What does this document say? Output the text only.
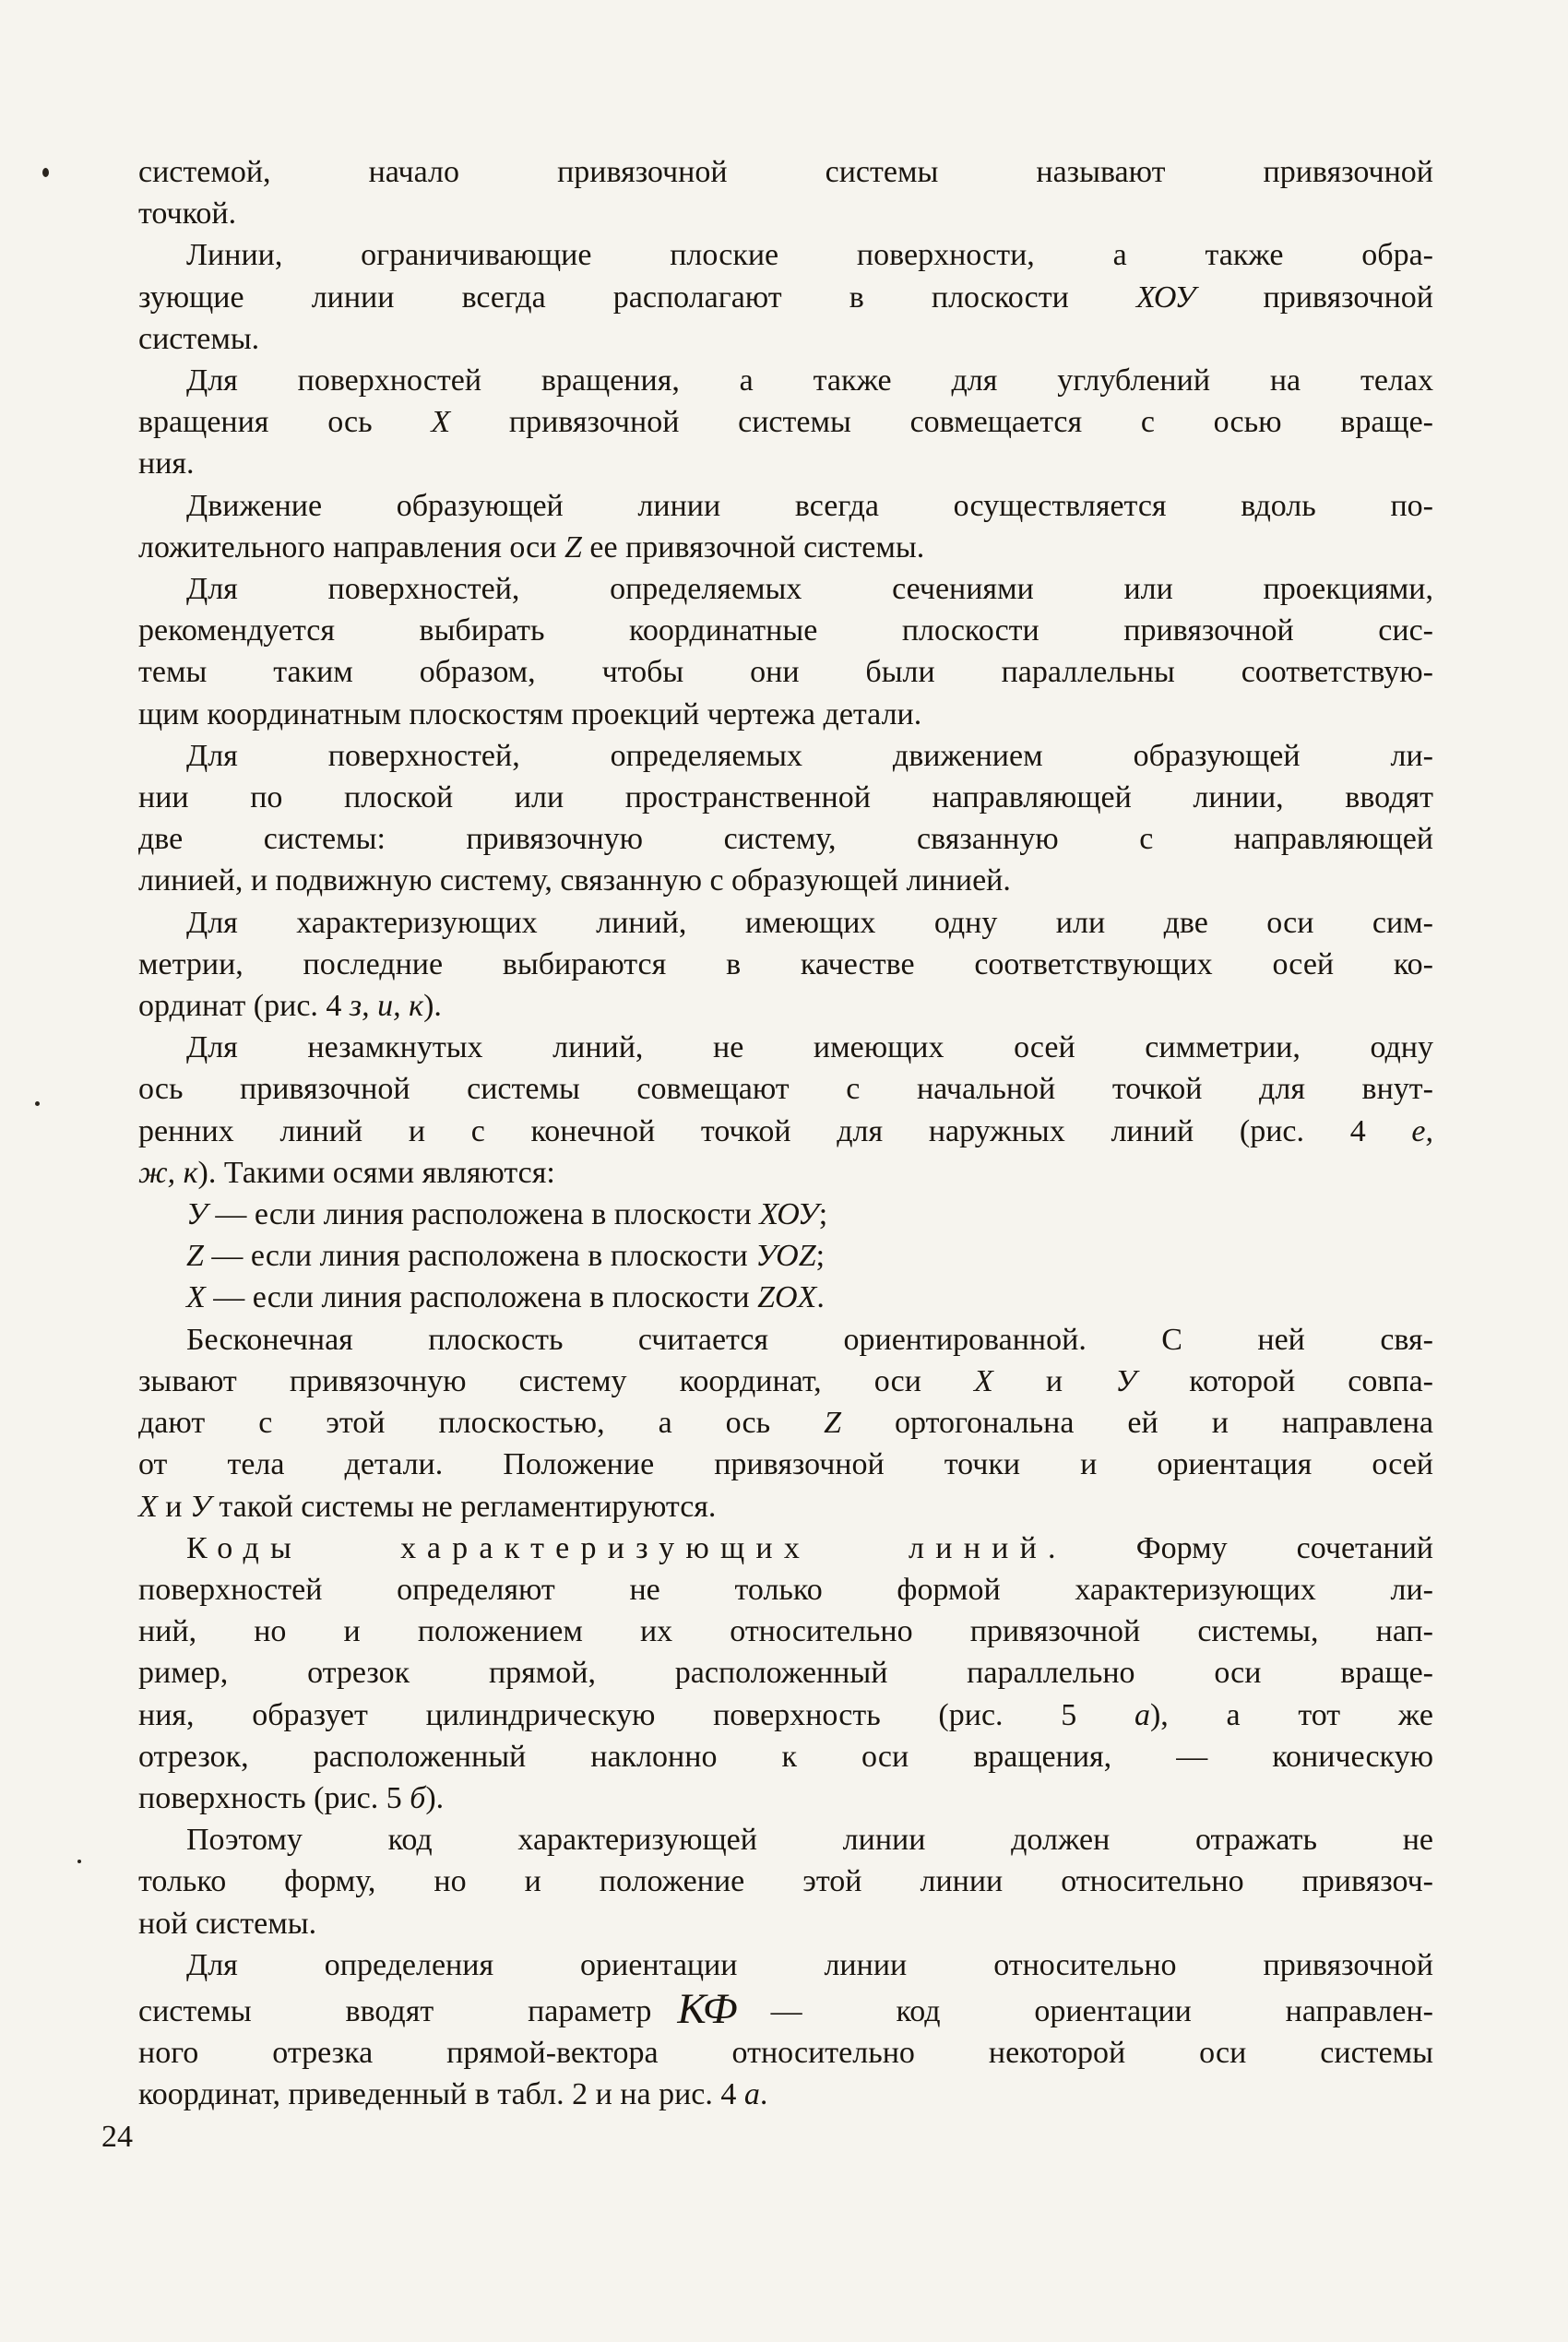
системой, начало привязочной системы называют привязочной
точкой.
Линии, ограничивающие плоские поверхности, а также обра-
зующие линии всегда располагают в плоскости ХОУ привязочной
системы.
Для поверхностей вращения, а также для углублений на телах
вращения ось X привязочной системы совмещается с осью враще-
ния.
Движение образующей линии всегда осуществляется вдоль по-
ложительного направления оси Z ее привязочной системы.
Для поверхностей, определяемых сечениями или проекциями,
рекомендуется выбирать координатные плоскости привязочной сис-
темы таким образом, чтобы они были параллельны соответствую-
щим координатным плоскостям проекций чертежа детали.
Для поверхностей, определяемых движением образующей ли-
нии по плоской или пространственной направляющей линии, вводят
две системы: привязочную систему, связанную с направляющей
линией, и подвижную систему, связанную с образующей линией.
Для характеризующих линий, имеющих одну или две оси сим-
метрии, последние выбираются в качестве соответствующих осей ко-
ординат (рис. 4 з, и, к).
Для незамкнутых линий, не имеющих осей симметрии, одну
ось привязочной системы совмещают с начальной точкой для внут-
ренних линий и с конечной точкой для наружных линий (рис. 4 е,
ж, к). Такими осями являются:
У — если линия расположена в плоскости ХОУ;
Z — если линия расположена в плоскости УОZ;
X — если линия расположена в плоскости ZOX.
Бесконечная плоскость считается ориентированной. С ней свя-
зывают привязочную систему координат, оси X и У которой совпа-
дают с этой плоскостью, а ось Z ортогональна ей и направлена
от тела детали. Положение привязочной точки и ориентация осей
X и У такой системы не регламентируются.
Коды характеризующих линий. Форму сочетаний
поверхностей определяют не только формой характеризующих ли-
ний, но и положением их относительно привязочной системы, нап-
ример, отрезок прямой, расположенный параллельно оси враще-
ния, образует цилиндрическую поверхность (рис. 5 а), а тот же
отрезок, расположенный наклонно к оси вращения, — коническую
поверхность (рис. 5 б).
Поэтому код характеризующей линии должен отражать не
только форму, но и положение этой линии относительно привязоч-
ной системы.
Для определения ориентации линии относительно привязочной
системы вводят параметр КФ — код ориентации направлен-
ного отрезка прямой-вектора относительно некоторой оси системы
координат, приведенный в табл. 2 и на рис. 4 а.
24
